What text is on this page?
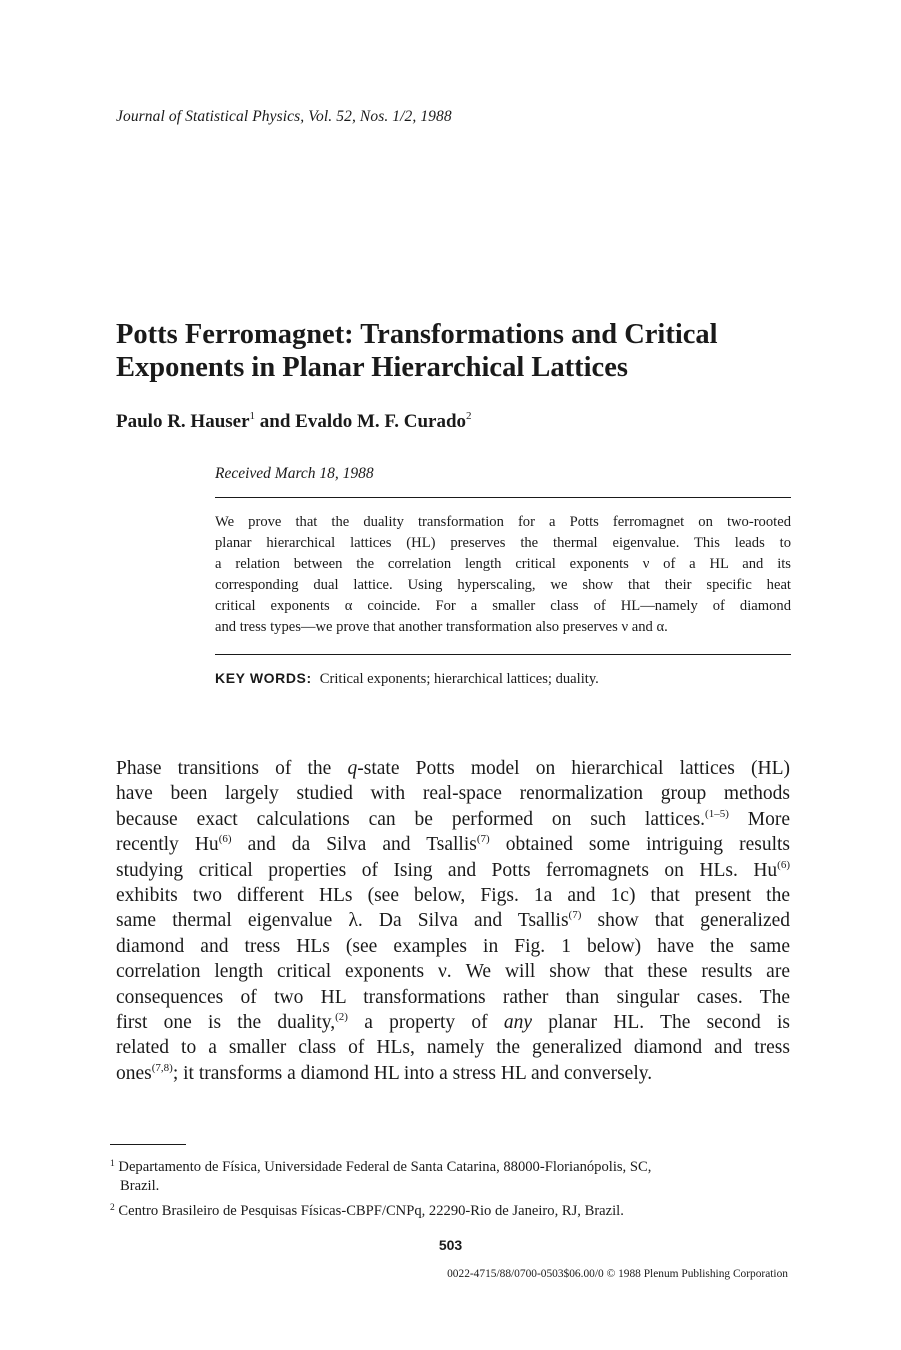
Journal of Statistical Physics, Vol. 52, Nos. 1/2, 1988
Potts Ferromagnet: Transformations and Critical
Exponents in Planar Hierarchical Lattices
Paulo R. Hauser$^1$ and Evaldo M. F. Curado$^2$
Received March 18, 1988
We prove that the duality transformation for a Potts ferromagnet on two-rooted
planar hierarchical lattices (HL) preserves the thermal eigenvalue. This leads to
a relation between the correlation length critical exponents ν of a HL and its
corresponding dual lattice. Using hyperscaling, we show that their specific heat
critical exponents α coincide. For a smaller class of HL—namely of diamond
and tress types—we prove that another transformation also preserves ν and α.
KEY WORDS: Critical exponents; hierarchical lattices; duality.
Phase transitions of the q-state Potts model on hierarchical lattices (HL)
have been largely studied with real-space renormalization group methods
because exact calculations can be performed on such lattices.$^{(1-5)}$ More
recently Hu$^{(6)}$ and da Silva and Tsallis$^{(7)}$ obtained some intriguing results
studying critical properties of Ising and Potts ferromagnets on HLs. Hu$^{(6)}$
exhibits two different HLs (see below, Figs. 1a and 1c) that present the
same thermal eigenvalue λ. Da Silva and Tsallis$^{(7)}$ show that generalized
diamond and tress HLs (see examples in Fig. 1 below) have the same
correlation length critical exponents ν. We will show that these results are
consequences of two HL transformations rather than singular cases. The
first one is the duality,$^{(2)}$ a property of any planar HL. The second is
related to a smaller class of HLs, namely the generalized diamond and tress
ones$^{(7,8)}$; it transforms a diamond HL into a stress HL and conversely.
$^1$ Departamento de Física, Universidade Federal de Santa Catarina, 88000-Florianópolis, SC,
Brazil.
$^2$ Centro Brasileiro de Pesquisas Físicas-CBPF/CNPq, 22290-Rio de Janeiro, RJ, Brazil.
503
0022-4715/88/0700-0503$06.00/0 © 1988 Plenum Publishing Corporation
